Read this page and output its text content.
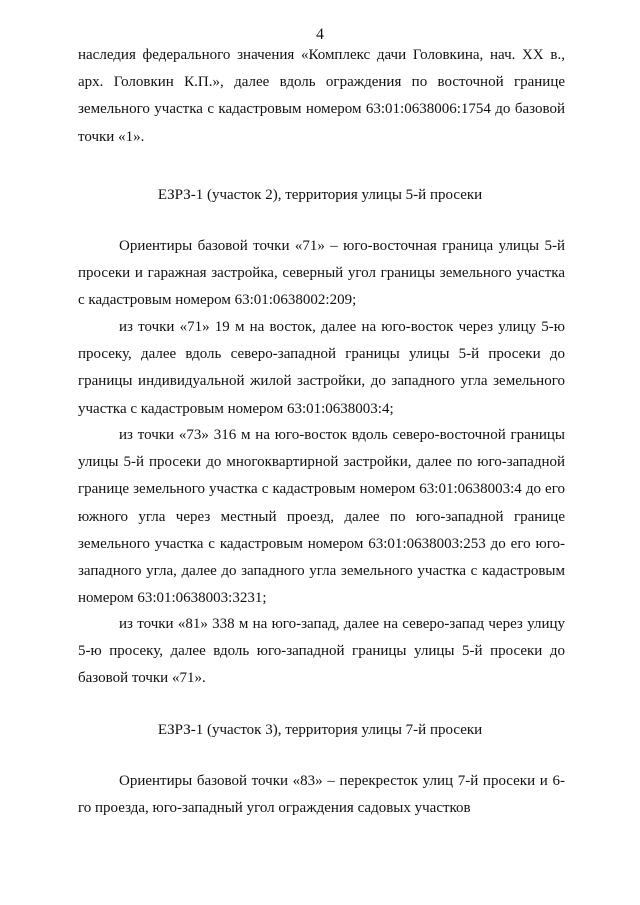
4

наследия федерального значения «Комплекс дачи Головкина, нач. XX в., арх. Головкин К.П.», далее вдоль ограждения по восточной границе земельного участка с кадастровым номером 63:01:0638006:1754 до базовой точки «1».

ЕЗРЗ-1 (участок 2), территория улицы 5-й просеки

Ориентиры базовой точки «71» – юго-восточная граница улицы 5-й просеки и гаражная застройка, северный угол границы земельного участка с кадастровым номером 63:01:0638002:209;

из точки «71» 19 м на восток, далее на юго-восток через улицу 5-ю просеку, далее вдоль северо-западной границы улицы 5-й просеки до границы индивидуальной жилой застройки, до западного угла земельного участка с кадастровым номером 63:01:0638003:4;

из точки «73» 316 м на юго-восток вдоль северо-восточной границы улицы 5-й просеки до многоквартирной застройки, далее по юго-западной границе земельного участка с кадастровым номером 63:01:0638003:4 до его южного угла через местный проезд, далее по юго-западной границе земельного участка с кадастровым номером 63:01:0638003:253 до его юго-западного угла, далее до западного угла земельного участка с кадастровым номером 63:01:0638003:3231;

из точки «81» 338 м на юго-запад, далее на северо-запад через улицу 5-ю просеку, далее вдоль юго-западной границы улицы 5-й просеки до базовой точки «71».

ЕЗРЗ-1 (участок 3), территория улицы 7-й просеки

Ориентиры базовой точки «83» – перекресток улиц 7-й просеки и 6-го проезда, юго-западный угол ограждения садовых участков
